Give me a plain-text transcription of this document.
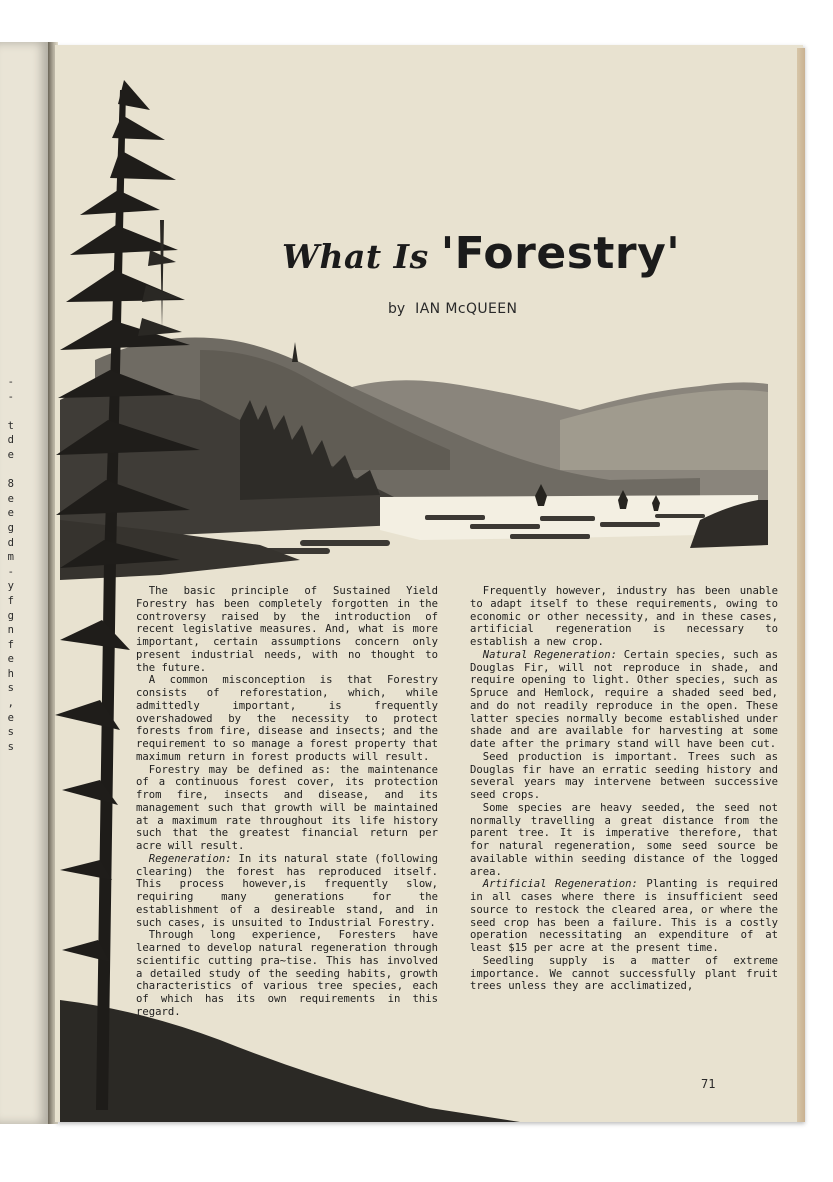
-
-

t
d
e

8
e
e
g
d
m
-
y
f
g
n
f
e
h
s
,
e
s
s
What Is 'Forestry'
by IAN McQUEEN

The basic principle of Sustained Yield Forestry has been completely forgotten in the controversy raised by the introduction of recent legislative measures. And, what is more important, certain assumptions concern only present industrial needs, with no thought to the future.

A common misconception is that Forestry consists of reforestation, which, while admittedly important, is frequently overshadowed by the necessity to protect forests from fire, disease and insects; and the requirement to so manage a forest property that maximum return in forest products will result.

Forestry may be defined as: the maintenance of a continuous forest cover, its protection from fire, insects and disease, and its management such that growth will be maintained at a maximum rate throughout its life history such that the greatest financial return per acre will result.

Regeneration: In its natural state (following clearing) the forest has reproduced itself. This process however,is frequently slow, requiring many generations for the establishment of a desireable stand, and in such cases, is unsuited to Industrial Forestry.

Through long experience, Foresters have learned to develop natural regeneration through scientific cutting pra~tise. This has involved a detailed study of the seeding habits, growth characteristics of various tree species, each of which has its own requirements in this regard.

Frequently however, industry has been unable to adapt itself to these requirements, owing to economic or other necessity, and in these cases, artificial regeneration is necessary to establish a new crop.

Natural Regeneration: Certain species, such as Douglas Fir, will not reproduce in shade, and require opening to light. Other species, such as Spruce and Hemlock, require a shaded seed bed, and do not readily reproduce in the open. These latter species normally become established under shade and are available for harvesting at some date after the primary stand will have been cut.

Seed production is important. Trees such as Douglas fir have an erratic seeding history and several years may intervene between successive seed crops.

Some species are heavy seeded, the seed not normally travelling a great distance from the parent tree. It is imperative therefore, that for natural regeneration, some seed source be available within seeding distance of the logged area.

Artificial Regeneration: Planting is required in all cases where there is insufficient seed source to restock the cleared area, or where the seed crop has been a failure. This is a costly operation necessitating an expenditure of at least $15 per acre at the present time.

Seedling supply is a matter of extreme importance. We cannot successfully plant fruit trees unless they are acclimatized,

71
